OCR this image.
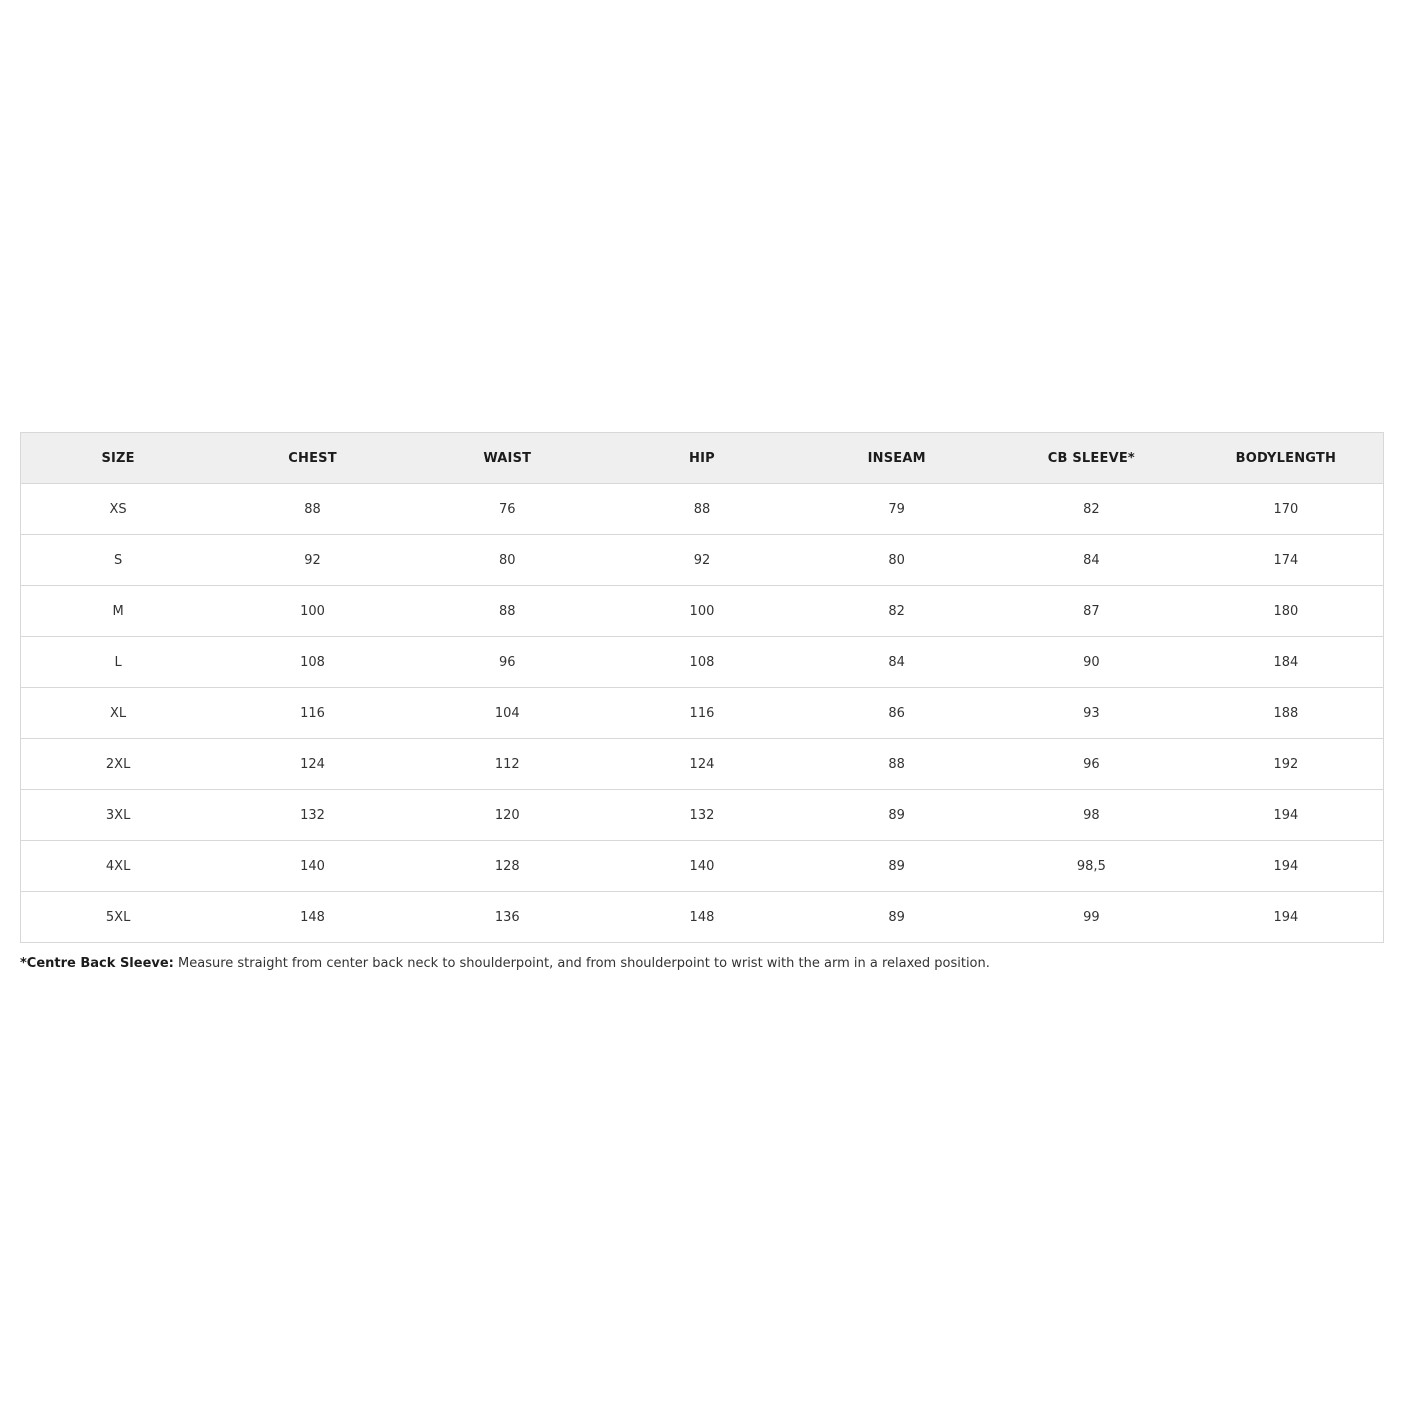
SIZE	CHEST	WAIST	HIP	INSEAM	CB SLEEVE*	BODYLENGTH
XS	88	76	88	79	82	170
S	92	80	92	80	84	174
M	100	88	100	82	87	180
L	108	96	108	84	90	184
XL	116	104	116	86	93	188
2XL	124	112	124	88	96	192
3XL	132	120	132	89	98	194
4XL	140	128	140	89	98,5	194
5XL	148	136	148	89	99	194
*Centre Back Sleeve: Measure straight from center back neck to shoulderpoint, and from shoulderpoint to wrist with the arm in a relaxed position.
